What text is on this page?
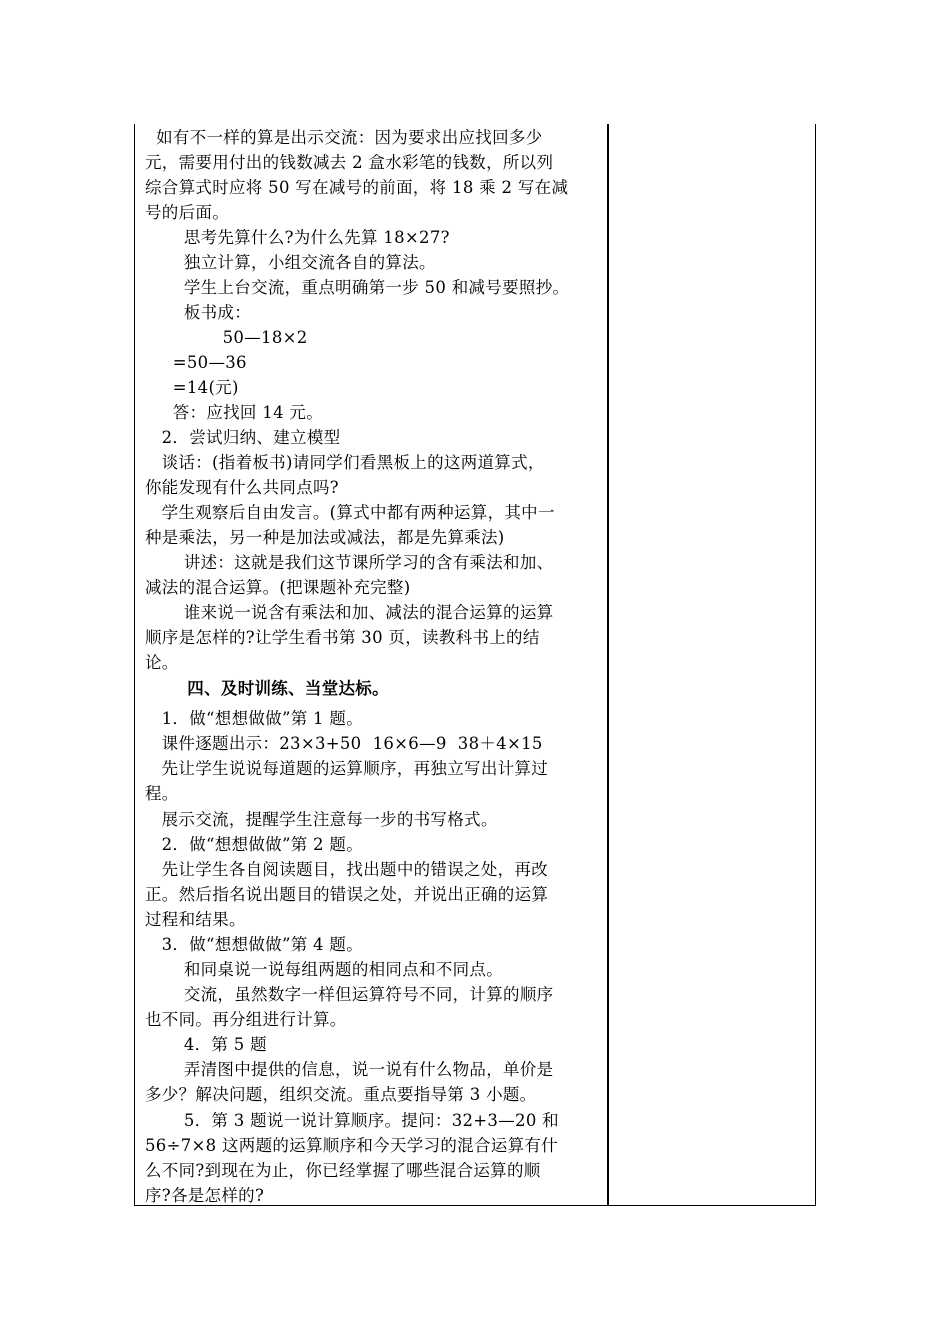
如有不一样的算是出示交流：因为要求出应找回多少
元，需要用付出的钱数减去 2 盒水彩笔的钱数，所以列
综合算式时应将 50 写在减号的前面，将 18 乘 2 写在减
号的后面。
思考先算什么?为什么先算 18×27?
独立计算，小组交流各自的算法。
学生上台交流，重点明确第一步 50 和减号要照抄。
板书成：
50—18×2
=50—36
=14(元)
答：应找回 14 元。
2．尝试归纳、建立模型
谈话：(指着板书)请同学们看黑板上的这两道算式，
你能发现有什么共同点吗?
学生观察后自由发言。(算式中都有两种运算，其中一
种是乘法，另一种是加法或减法，都是先算乘法)
讲述：这就是我们这节课所学习的含有乘法和加、
减法的混合运算。(把课题补充完整)
谁来说一说含有乘法和加、减法的混合运算的运算
顺序是怎样的?让学生看书第 30 页，读教科书上的结
论。
四、及时训练、当堂达标。
1．做“想想做做”第 1 题。
课件逐题出示：23×3+50  16×6—9  38＋4×15
先让学生说说每道题的运算顺序，再独立写出计算过
程。
展示交流，提醒学生注意每一步的书写格式。
2．做“想想做做”第 2 题。
先让学生各自阅读题目，找出题中的错误之处，再改
正。然后指名说出题目的错误之处，并说出正确的运算
过程和结果。
3．做“想想做做”第 4 题。
和同桌说一说每组两题的相同点和不同点。
交流，虽然数字一样但运算符号不同，计算的顺序
也不同。再分组进行计算。
4．第 5 题
弄清图中提供的信息，说一说有什么物品，单价是
多少？解决问题，组织交流。重点要指导第 3 小题。
5．第 3 题说一说计算顺序。提问：32+3—20 和
56÷7×8 这两题的运算顺序和今天学习的混合运算有什
么不同?到现在为止，你已经掌握了哪些混合运算的顺
序?各是怎样的?
